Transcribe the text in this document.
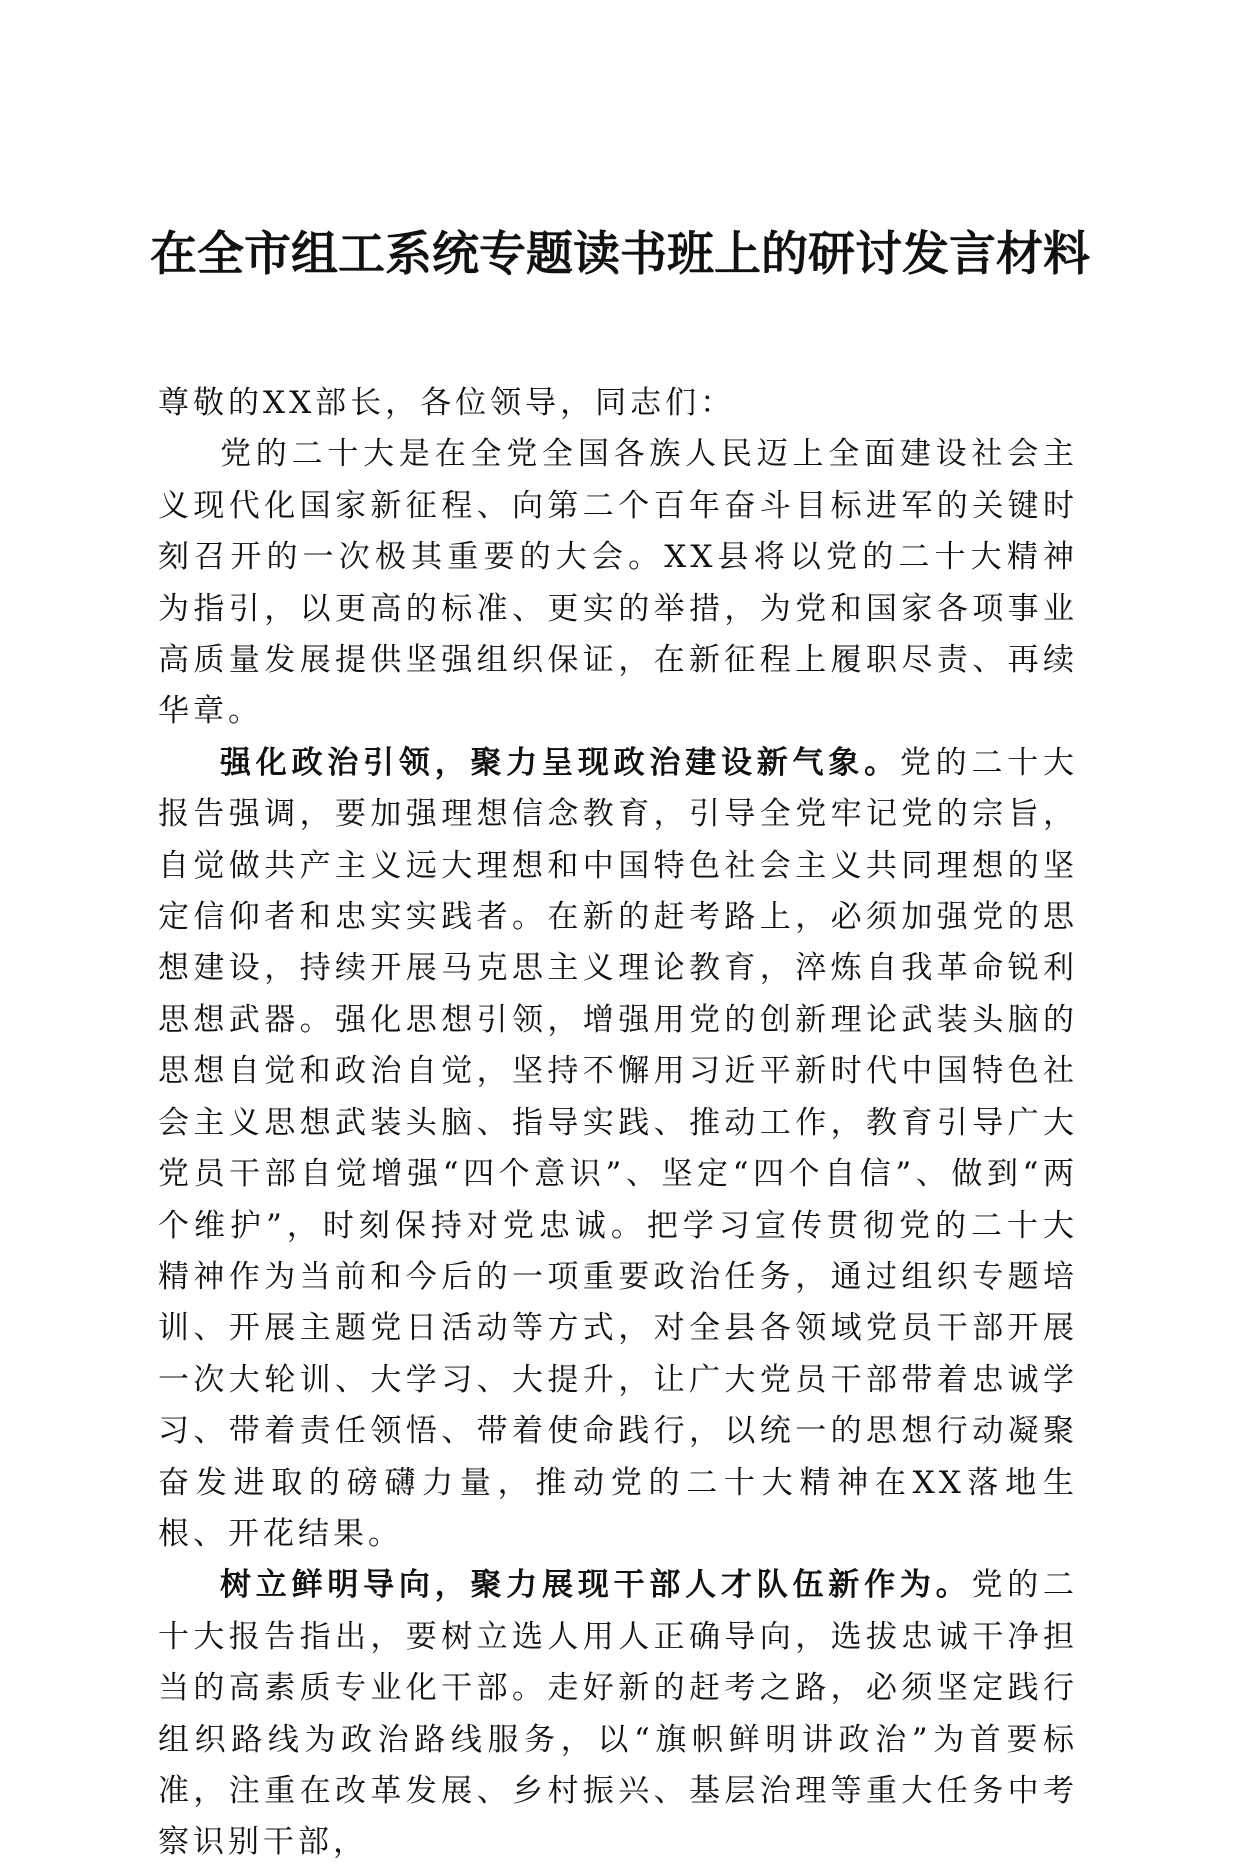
在全市组工系统专题读书班上的研讨发言材料

尊敬的XX部长，各位领导，同志们：

党的二十大是在全党全国各族人民迈上全面建设社会主义现代化国家新征程、向第二个百年奋斗目标进军的关键时刻召开的一次极其重要的大会。XX县将以党的二十大精神为指引，以更高的标准、更实的举措，为党和国家各项事业高质量发展提供坚强组织保证，在新征程上履职尽责、再续华章。

强化政治引领，聚力呈现政治建设新气象。党的二十大报告强调，要加强理想信念教育，引导全党牢记党的宗旨，自觉做共产主义远大理想和中国特色社会主义共同理想的坚定信仰者和忠实实践者。在新的赶考路上，必须加强党的思想建设，持续开展马克思主义理论教育，淬炼自我革命锐利思想武器。强化思想引领，增强用党的创新理论武装头脑的思想自觉和政治自觉，坚持不懈用习近平新时代中国特色社会主义思想武装头脑、指导实践、推动工作，教育引导广大党员干部自觉增强“四个意识”、坚定“四个自信”、做到“两个维护”，时刻保持对党忠诚。把学习宣传贯彻党的二十大精神作为当前和今后的一项重要政治任务，通过组织专题培训、开展主题党日活动等方式，对全县各领域党员干部开展一次大轮训、大学习、大提升，让广大党员干部带着忠诚学习、带着责任领悟、带着使命践行，以统一的思想行动凝聚奋发进取的磅礴力量，推动党的二十大精神在XX落地生根、开花结果。

树立鲜明导向，聚力展现干部人才队伍新作为。党的二十大报告指出，要树立选人用人正确导向，选拔忠诚干净担当的高素质专业化干部。走好新的赶考之路，必须坚定践行组织路线为政治路线服务，以“旗帜鲜明讲政治”为首要标准，注重在改革发展、乡村振兴、基层治理等重大任务中考察识别干部，
